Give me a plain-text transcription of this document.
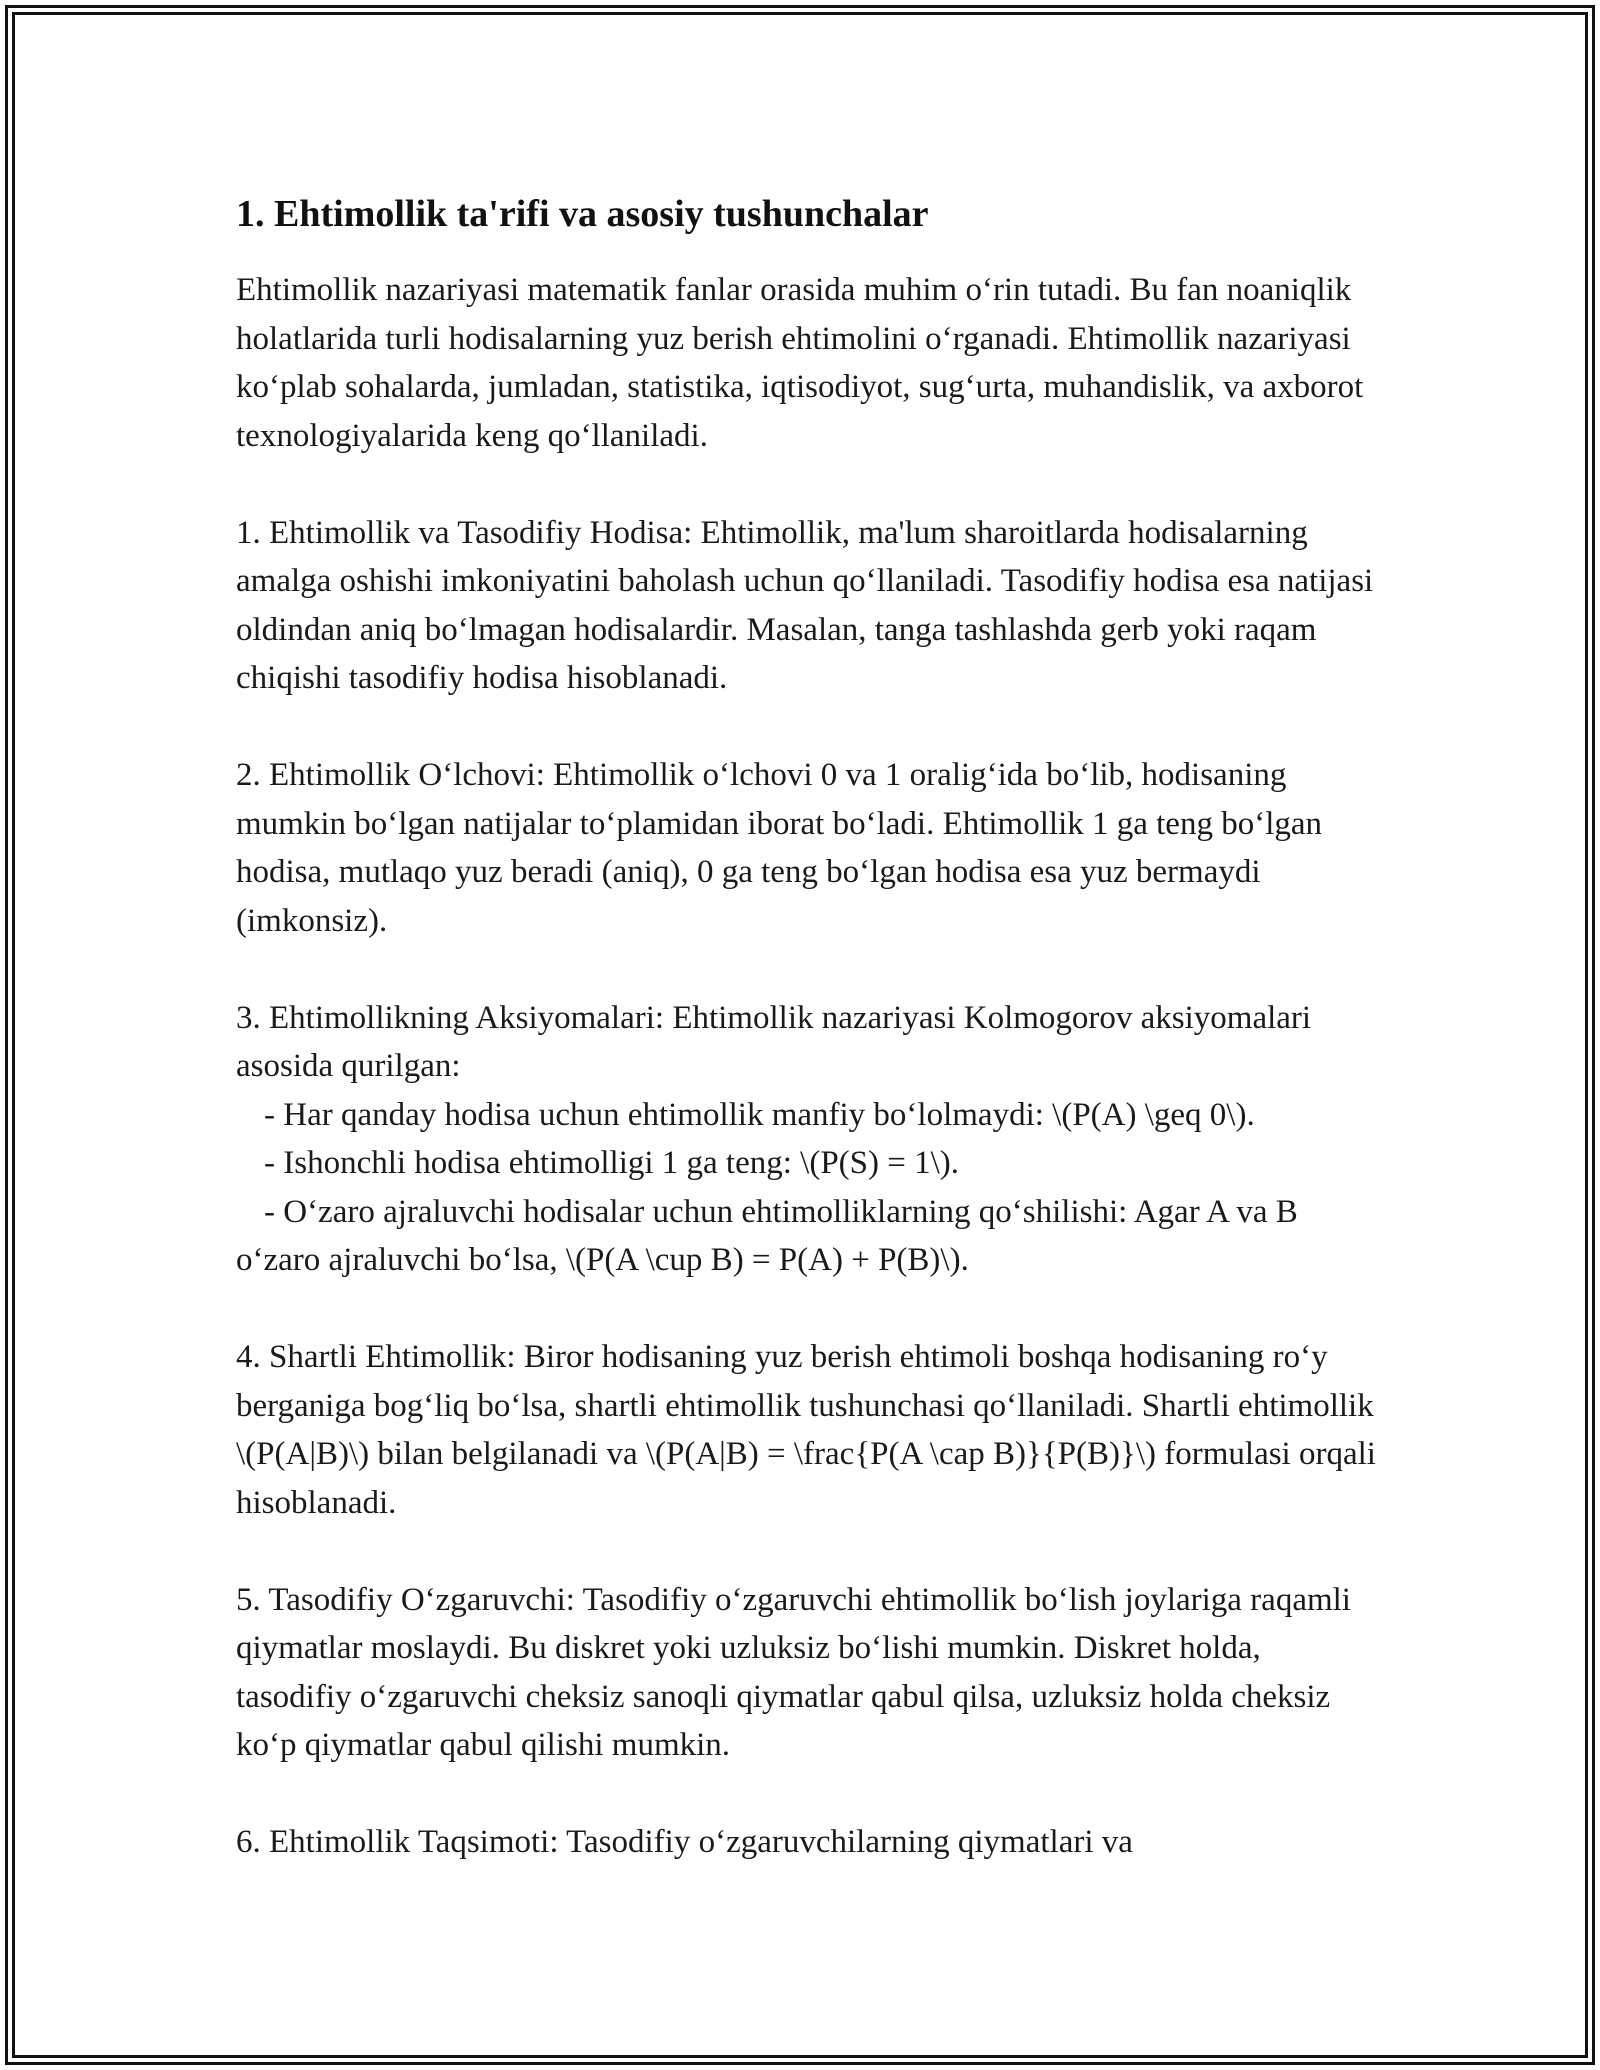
1. Ehtimollik ta'rifi va asosiy tushunchalar

Ehtimollik nazariyasi matematik fanlar orasida muhim o‘rin tutadi. Bu fan noaniqlik holatlarida turli hodisalarning yuz berish ehtimolini o‘rganadi. Ehtimollik nazariyasi ko‘plab sohalarda, jumladan, statistika, iqtisodiyot, sug‘urta, muhandislik, va axborot texnologiyalarida keng qo‘llaniladi.

1. Ehtimollik va Tasodifiy Hodisa: Ehtimollik, ma'lum sharoitlarda hodisalarning amalga oshishi imkoniyatini baholash uchun qo‘llaniladi. Tasodifiy hodisa esa natijasi oldindan aniq bo‘lmagan hodisalardir. Masalan, tanga tashlashda gerb yoki raqam chiqishi tasodifiy hodisa hisoblanadi.

2. Ehtimollik O‘lchovi: Ehtimollik o‘lchovi 0 va 1 oralig‘ida bo‘lib, hodisaning mumkin bo‘lgan natijalar to‘plamidan iborat bo‘ladi. Ehtimollik 1 ga teng bo‘lgan hodisa, mutlaqo yuz beradi (aniq), 0 ga teng bo‘lgan hodisa esa yuz bermaydi (imkonsiz).

3. Ehtimollikning Aksiyomalari: Ehtimollik nazariyasi Kolmogorov aksiyomalari asosida qurilgan:

- Har qanday hodisa uchun ehtimollik manfiy bo‘lolmaydi: \(P(A) \geq 0\).

- Ishonchli hodisa ehtimolligi 1 ga teng: \(P(S) = 1\).

- O‘zaro ajraluvchi hodisalar uchun ehtimolliklarning qo‘shilishi: Agar A va B o‘zaro ajraluvchi bo‘lsa, \(P(A \cup B) = P(A) + P(B)\).

4. Shartli Ehtimollik: Biror hodisaning yuz berish ehtimoli boshqa hodisaning ro‘y berganiga bog‘liq bo‘lsa, shartli ehtimollik tushunchasi qo‘llaniladi. Shartli ehtimollik \(P(A|B)\) bilan belgilanadi va \(P(A|B) = \frac{P(A \cap B)}{P(B)}\) formulasi orqali hisoblanadi.

5. Tasodifiy O‘zgaruvchi: Tasodifiy o‘zgaruvchi ehtimollik bo‘lish joylariga raqamli qiymatlar moslaydi. Bu diskret yoki uzluksiz bo‘lishi mumkin. Diskret holda, tasodifiy o‘zgaruvchi cheksiz sanoqli qiymatlar qabul qilsa, uzluksiz holda cheksiz ko‘p qiymatlar qabul qilishi mumkin.

6. Ehtimollik Taqsimoti: Tasodifiy o‘zgaruvchilarning qiymatlari va
